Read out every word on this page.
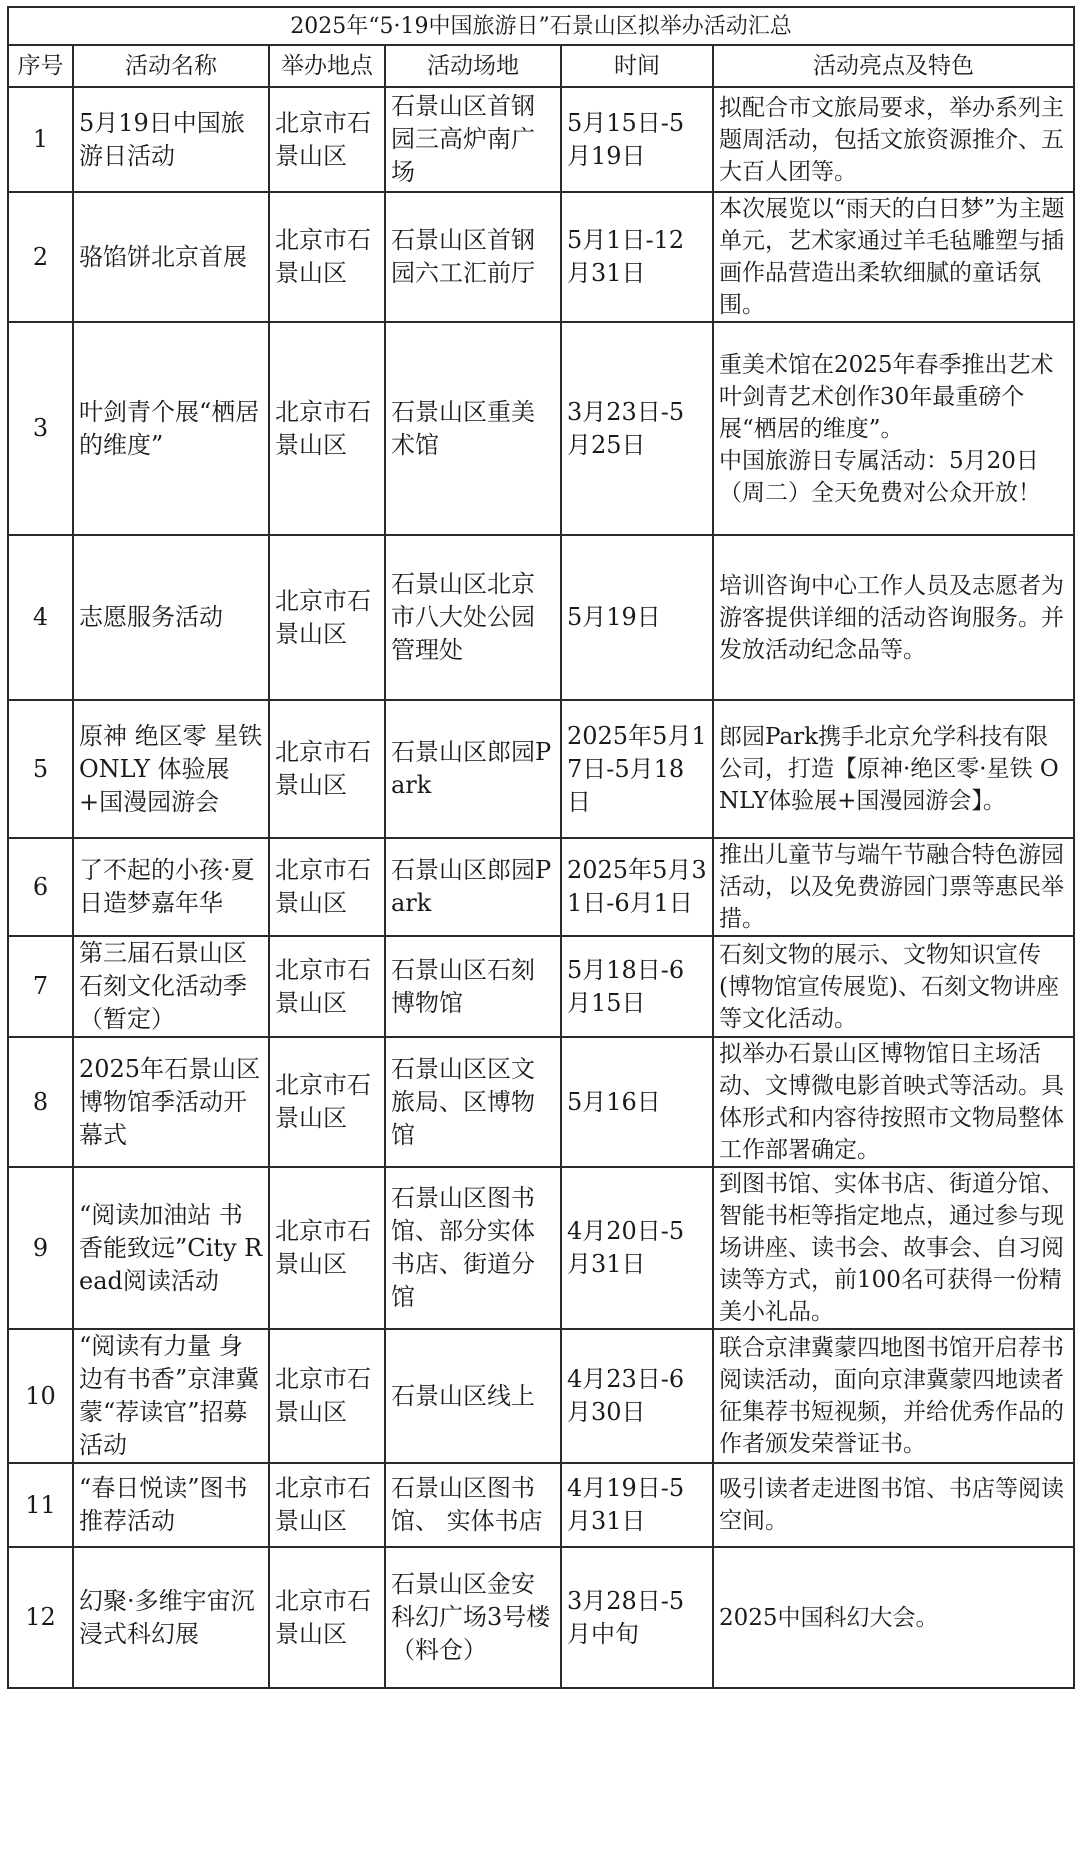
2025年“5·19中国旅游日”石景山区拟举办活动汇总					
序号	活动名称	举办地点	活动场地	时间	活动亮点及特色
1	5月19日中国旅游日活动	北京市石景山区	石景山区首钢园三高炉南广场	5月15日-5月19日	拟配合市文旅局要求，举办系列主题周活动，包括文旅资源推介、五大百人团等。
2	骆馅饼北京首展	北京市石景山区	石景山区首钢园六工汇前厅	5月1日-12月31日	本次展览以“雨天的白日梦”为主题单元，艺术家通过羊毛毡雕塑与插画作品营造出柔软细腻的童话氛围。
3	叶剑青个展“栖居的维度”	北京市石景山区	石景山区重美术馆	3月23日-5月25日	重美术馆在2025年春季推出艺术叶剑青艺术创作30年最重磅个展“栖居的维度”。
中国旅游日专属活动：5月20日（周二）全天免费对公众开放！
4	志愿服务活动	北京市石景山区	石景山区北京市八大处公园管理处	5月19日	培训咨询中心工作人员及志愿者为游客提供详细的活动咨询服务。并发放活动纪念品等。
5	原神 绝区零 星铁 ONLY 体验展+国漫园游会	北京市石景山区	石景山区郎园Park	2025年5月17日-5月18日	郎园Park携手北京允学科技有限公司，打造【原神·绝区零·星铁 ONLY体验展+国漫园游会】。
6	了不起的小孩·夏日造梦嘉年华	北京市石景山区	石景山区郎园Park	2025年5月31日-6月1日	推出儿童节与端午节融合特色游园活动，以及免费游园门票等惠民举措。
7	第三届石景山区石刻文化活动季（暂定）	北京市石景山区	石景山区石刻博物馆	5月18日-6月15日	石刻文物的展示、文物知识宣传(博物馆宣传展览)、石刻文物讲座等文化活动。
8	2025年石景山区博物馆季活动开幕式	北京市石景山区	石景山区区文旅局、区博物馆	5月16日	拟举办石景山区博物馆日主场活动、文博微电影首映式等活动。具体形式和内容待按照市文物局整体工作部署确定。
9	“阅读加油站 书香能致远”City Read阅读活动	北京市石景山区	石景山区图书馆、部分实体书店、街道分馆	4月20日-5月31日	到图书馆、实体书店、街道分馆、智能书柜等指定地点，通过参与现场讲座、读书会、故事会、自习阅读等方式，前100名可获得一份精美小礼品。
10	“阅读有力量 身边有书香”京津冀蒙“荐读官”招募活动	北京市石景山区	石景山区线上	4月23日-6月30日	联合京津冀蒙四地图书馆开启荐书阅读活动，面向京津冀蒙四地读者征集荐书短视频，并给优秀作品的作者颁发荣誉证书。
11	“春日悦读”图书推荐活动	北京市石景山区	石景山区图书馆、 实体书店	4月19日-5月31日	吸引读者走进图书馆、书店等阅读空间。
12	幻聚·多维宇宙沉浸式科幻展	北京市石景山区	石景山区金安科幻广场3号楼（料仓）	3月28日-5月中旬	2025中国科幻大会。
